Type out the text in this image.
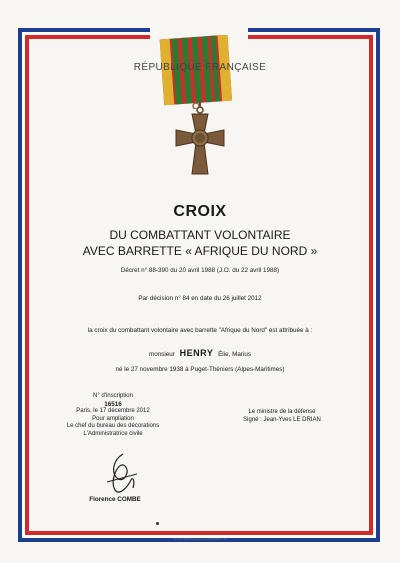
RÉPUBLIQUE FRANÇAISE
CROIX
DU COMBATTANT VOLONTAIRE
AVEC BARRETTE « AFRIQUE DU NORD »
Décret n° 88-390 du 20 avril 1988 (J.O. du 22 avril 1988)
Par décision n° 84 en date du 26 juillet 2012
la croix du combattant volontaire avec barrette "Afrique du Nord" est attribuée à :
monsieur HENRY Élie, Marius
né le 27 novembre 1938 à Puget-Théniers (Alpes-Maritimes)
N° d'inscription
16516
Paris, le 17 décembre 2012
Pour ampliation
Le chef du bureau des décorations
L'Administratrice civile
Le ministre de la défense
Signé : Jean-Yves LE DRIAN
Florence COMBE
Q:\ol\ul\ RIA/impressions 26/10/16 01:44
